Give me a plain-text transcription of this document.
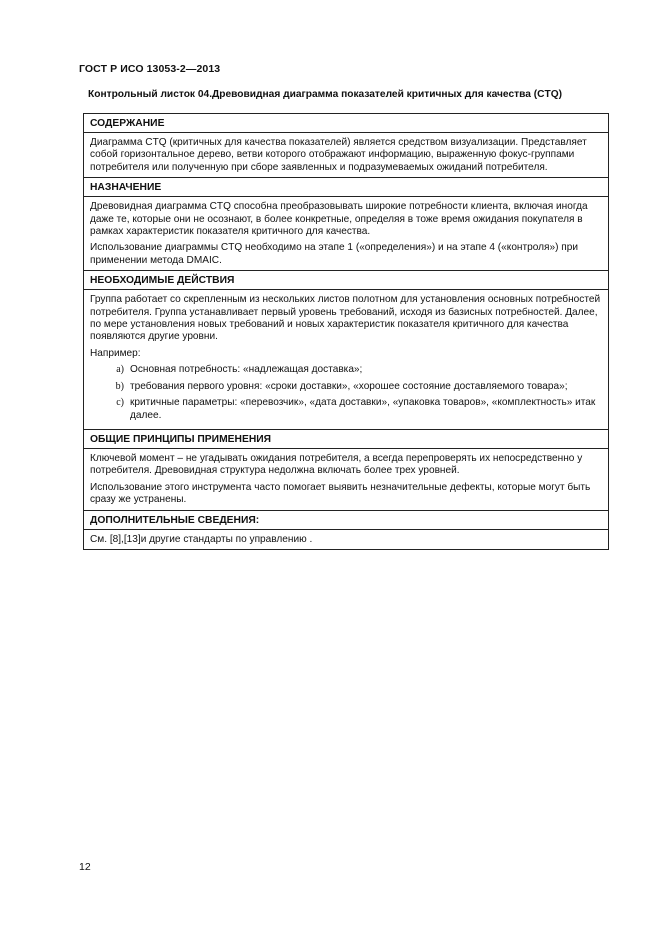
ГОСТ Р ИСО 13053-2—2013
Контрольный листок 04.Древовидная диаграмма показателей критичных для качества (CTQ)
СОДЕРЖАНИЕ

Диаграмма CTQ (критичных для качества показателей) является средством визуализации. Представляет собой горизонтальное дерево, ветви которого отображают информацию, выраженную фокус-группами потребителя или полученную при сборе заявленных и подразумеваемых ожиданий потребителя.

НАЗНАЧЕНИЕ

Древовидная диаграмма CTQ способна преобразовывать широкие потребности клиента, включая иногда даже те, которые они не осознают, в более конкретные, определяя в тоже время ожидания покупателя в рамках характеристик показателя критичного для качества.

Использование диаграммы CTQ необходимо на этапе 1 («определения») и на этапе 4 («контроля») при применении метода DMAIC.

НЕОБХОДИМЫЕ ДЕЙСТВИЯ

Группа работает со скрепленным из нескольких листов полотном для установления основных потребностей потребителя. Группа устанавливает первый уровень требований, исходя из базисных потребностей. Далее, по мере установления новых требований и новых характеристик показателя критичного для качества появляются другие уровни.

Например:

a) Основная потребность: «надлежащая доставка»;
b) требования первого уровня: «сроки доставки», «хорошее состояние доставляемого товара»;
c) критичные параметры: «перевозчик», «дата доставки», «упаковка товаров», «комплектность» итак далее.
ОБЩИЕ ПРИНЦИПЫ ПРИМЕНЕНИЯ

Ключевой момент – не угадывать ожидания потребителя, а всегда перепроверять их непосредственно у потребителя. Древовидная структура недолжна включать более трех уровней.

Использование этого инструмента часто помогает выявить незначительные дефекты, которые могут быть сразу же устранены.

ДОПОЛНИТЕЛЬНЫЕ СВЕДЕНИЯ:

См. [8],[13]и другие стандарты по управлению .

12
